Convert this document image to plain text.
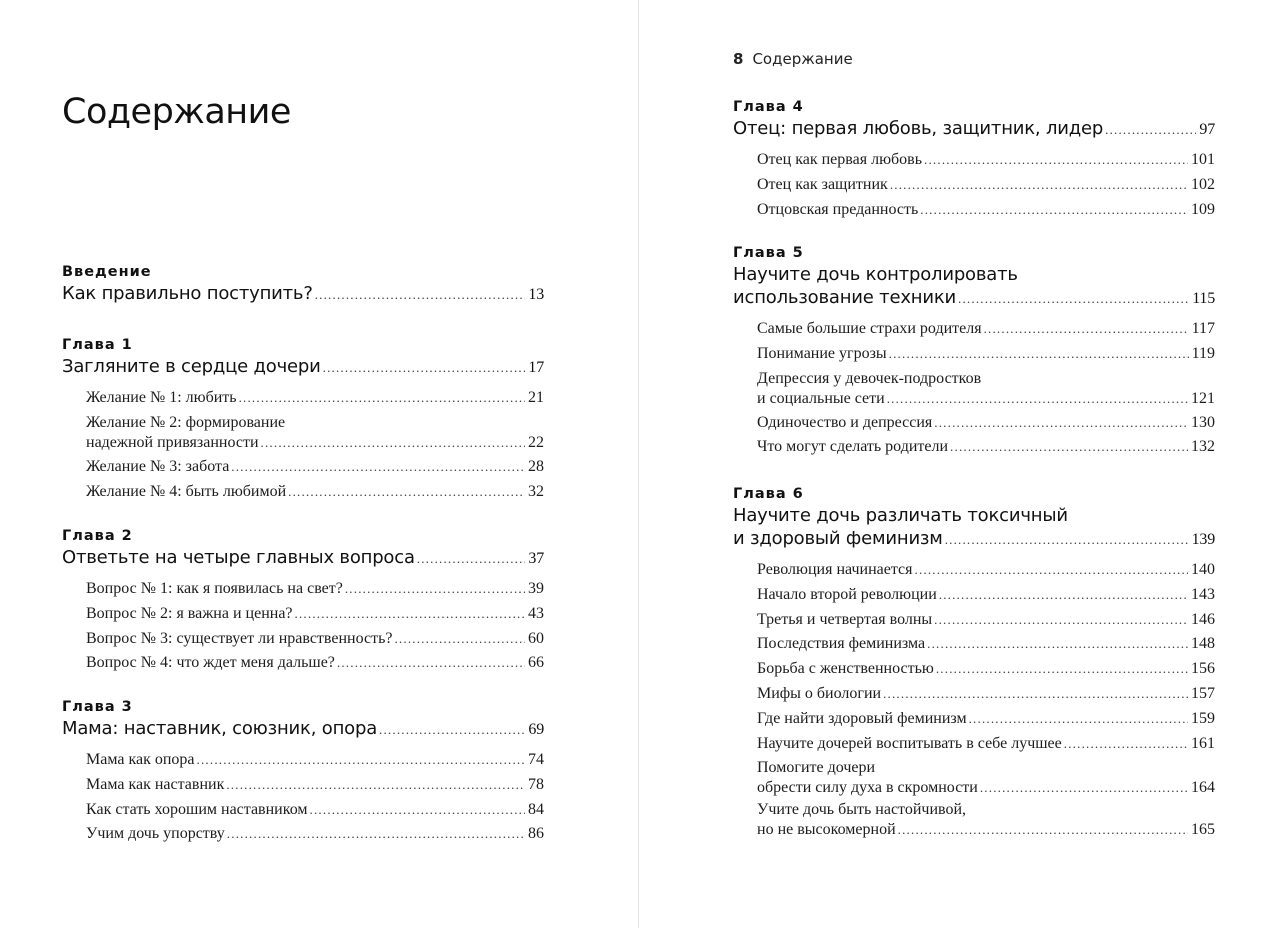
Содержание
Введение
Как правильно поступить? .....	13
Глава 1
Загляните в сердце дочери .....	17
Желание № 1: любить .....	21
Желание № 2: формирование
надежной привязанности .....	22
Желание № 3: забота .....	28
Желание № 4: быть любимой .....	32
Глава 2
Ответьте на четыре главных вопроса .....	37
Вопрос № 1: как я появилась на свет? .....	39
Вопрос № 2: я важна и ценна? .....	43
Вопрос № 3: существует ли нравственность? .....	60
Вопрос № 4: что ждет меня дальше? .....	66
Глава 3
Мама: наставник, союзник, опора .....	69
Мама как опора .....	74
Мама как наставник .....	78
Как стать хорошим наставником .....	84
Учим дочь упорству .....	86
8 Содержание
Глава 4
Отец: первая любовь, защитник, лидер .....	97
Отец как первая любовь .....	101
Отец как защитник .....	102
Отцовская преданность .....	109
Глава 5
Научите дочь контролировать
использование техники .....	115
Самые большие страхи родителя .....	117
Понимание угрозы .....	119
Депрессия у девочек-подростков
и социальные сети .....	121
Одиночество и депрессия .....	130
Что могут сделать родители .....	132
Глава 6
Научите дочь различать токсичный
и здоровый феминизм .....	139
Революция начинается .....	140
Начало второй революции .....	143
Третья и четвертая волны .....	146
Последствия феминизма .....	148
Борьба с женственностью .....	156
Мифы о биологии .....	157
Где найти здоровый феминизм .....	159
Научите дочерей воспитывать в себе лучшее .....	161
Помогите дочери
обрести силу духа в скромности .....	164
Учите дочь быть настойчивой,
но не высокомерной .....	165
